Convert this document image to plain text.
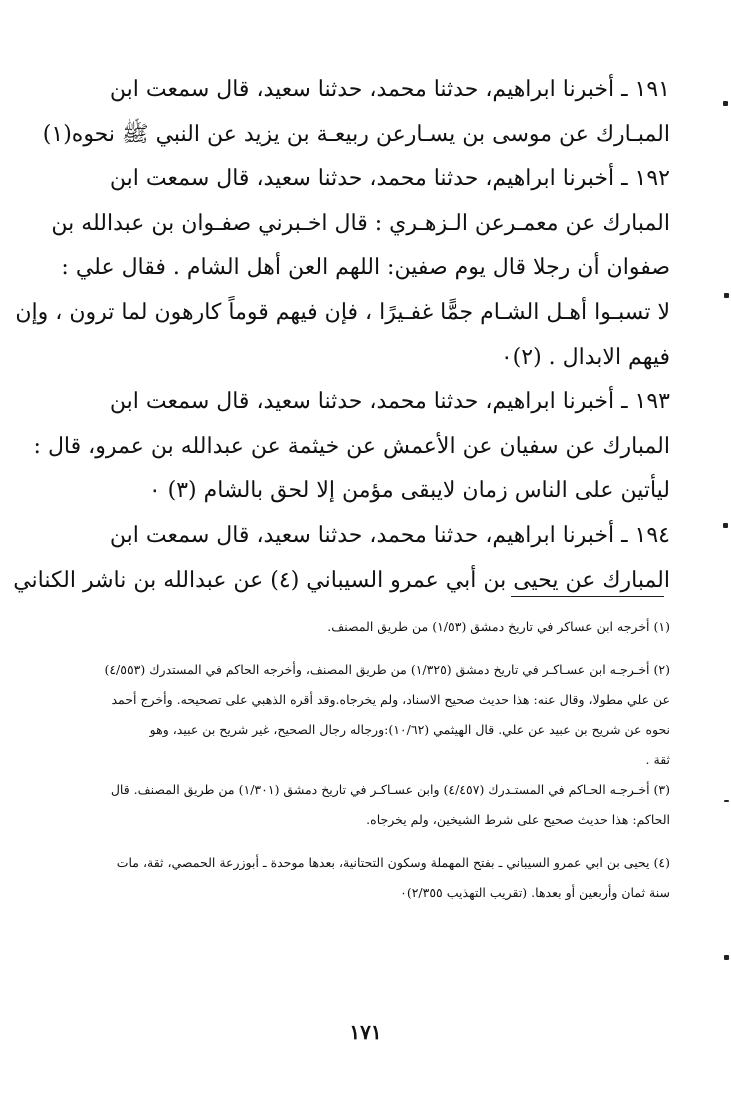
١٩١ ـ أخبرنا ابراهيم، حدثنا محمد، حدثنا سعيد، قال سمعت ابن
المبـارك عن موسى بن يسـارعن ربيعـة بن يزيد عن النبي ﷺ نحوه(١)
١٩٢ ـ أخبرنا ابراهيم، حدثنا محمد، حدثنا سعيد، قال سمعت ابن
المبارك عن معمـرعن الـزهـري : قال اخـبرني صفـوان بن عبدالله بن
صفوان أن رجلا قال يوم صفين: اللهم العن أهل الشام . فقال علي :
لا تسبـوا أهـل الشـام جمًّا غفـيرًا ، فإن فيهم قوماً كارهون لما ترون ، وإن
فيهم الابدال . (٢)٠
١٩٣ ـ أخبرنا ابراهيم، حدثنا محمد، حدثنا سعيد، قال سمعت ابن
المبارك عن سفيان عن الأعمش عن خيثمة عن عبدالله بن عمرو، قال :
ليأتين على الناس زمان لايبقى مؤمن إلا لحق بالشام (٣) ٠
١٩٤ ـ أخبرنا ابراهيم، حدثنا محمد، حدثنا سعيد، قال سمعت ابن
المبارك عن يحيى بن أبي عمرو السيباني (٤) عن عبدالله بن ناشر الكناني
(١) أخرجه ابن عساكر في تاريخ دمشق (١/٥٣) من طريق المصنف.
(٢) أخـرجـه ابن عسـاكـر في تاريخ دمشق (١/٣٢٥) من طريق المصنف، وأخرجه الحاكم في المستدرك (٤/٥٥٣)
عن علي مطولا، وقال عنه: هذا حديث صحيح الاسناد، ولم يخرجاه.وقد أقره الذهبي على تصحيحه. وأخرج أحمد
نحوه عن شريح بن عبيد عن علي. قال الهيثمي (١٠/٦٢):ورجاله رجال الصحيح، غير شريح بن عبيد، وهو
ثقة .
(٣) أخـرجـه الحـاكم في المستـدرك (٤/٤٥٧) وابن عسـاكـر في تاريخ دمشق (١/٣٠١) من طريق المصنف. قال
الحاكم: هذا حديث صحيح على شرط الشيخين، ولم يخرجاه.
(٤) يحيى بن ابي عمرو السيباني ـ بفتح المهملة وسكون التحتانية، بعدها موحدة ـ أبوزرعة الحمصي، ثقة، مات
سنة ثمان وأربعين أو بعدها. (تقريب التهذيب ٢/٣٥٥)٠
١٧١
